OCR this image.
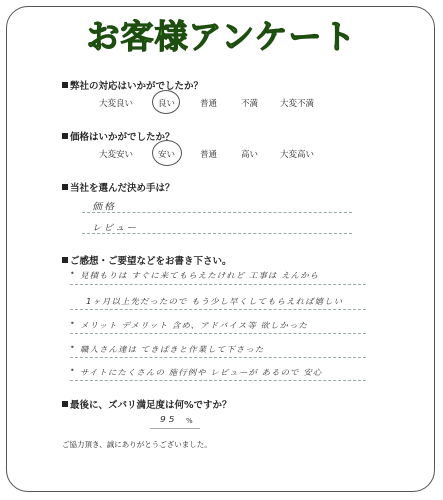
お客様アンケート
弊社の対応はいかがでしたか？
大変良い	良い	普通	不満	大変不満
価格はいかがでしたか？
大変安い	安い	普通	高い	大変高い
当社を選んだ決め手は？
価格
レビュー
ご感想・ご要望などをお書き下さい。
• 見積もりは すぐに来てもらえたけれど 工事は えんから
1ヶ月以上先だったので もう少し早くしてもらえれば嬉しい
• メリット デメリット 含め、アドバイス等 欲しかった
• 職人さん達は てきぱきと作業して下さった
• サイトにたくさんの 施行例や レビューが あるので 安心
最後に、ズバリ満足度は何%ですか？
95 %
ご協力頂き、誠にありがとうございました。
